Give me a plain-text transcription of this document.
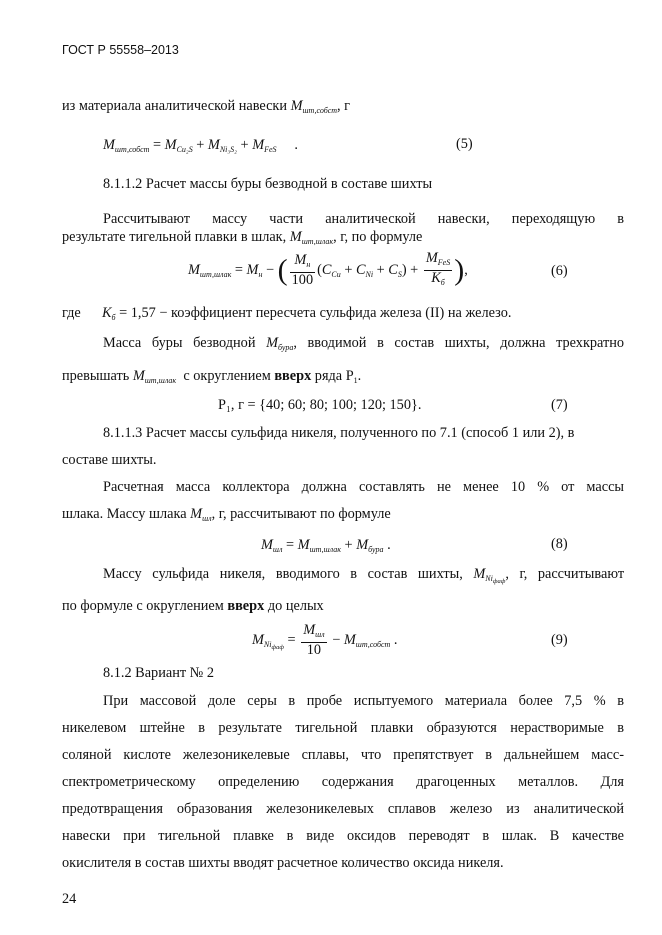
ГОСТ Р 55558–2013
из материала аналитической навески $M_{шт,собст}$, г
$M_{шт,собст} = M_{Cu_2S} + M_{Ni_3S_2} + M_{FeS}$     .	(5)
8.1.1.2 Расчет массы буры безводной в составе шихты
Рассчитывают массу части аналитической навески, переходящую в
результате тигельной плавки в шлак, $M_{шт,шлак}$, г, по формуле
$M_{шт,шлак} = M_н$ − ( $\frac{M_н}{100} (C_{Cu} + C_{Ni} + C_S) + \frac{M_{FeS}}{K_б}$ ),	(6)
где $K_б = 1,57$ − коэффициент пересчета сульфида железа (II) на железо.
Масса буры безводной $M_{бура}$, вводимой в состав шихты, должна трехкратно
превышать $M_{шт,шлак}$ с округлением вверх ряда $P_1$.
P₁, г = {40; 60; 80; 100; 120; 150}.	(7)
8.1.1.3 Расчет массы сульфида никеля, полученного по 7.1 (способ 1 или 2), в
составе шихты.
Расчетная масса коллектора должна составлять не менее 10 % от массы
шлака. Массу шлака $M_{шл}$, г, рассчитывают по формуле
$M_{шл} = M_{шт,шлак} + M_{бура}$ .	(8)
Массу сульфида никеля, вводимого в состав шихты, $M_{Ni_{фаф}}$, г, рассчитывают
по формуле с округлением вверх до целых
$M_{Ni_{фаф}} = \frac{M_{шл}}{10} - M_{шт,собст}$ .	(9)
8.1.2 Вариант № 2
При массовой доле серы в пробе испытуемого материала более 7,5 % в
никелевом штейне в результате тигельной плавки образуются нерастворимые в
соляной кислоте железоникелевые сплавы, что препятствует в дальнейшем масс-
спектрометрическому определению содержания драгоценных металлов. Для
предотвращения образования железоникелевых сплавов железо из аналитической
навески при тигельной плавке в виде оксидов переводят в шлак. В качестве
окислителя в состав шихты вводят расчетное количество оксида никеля.
24
